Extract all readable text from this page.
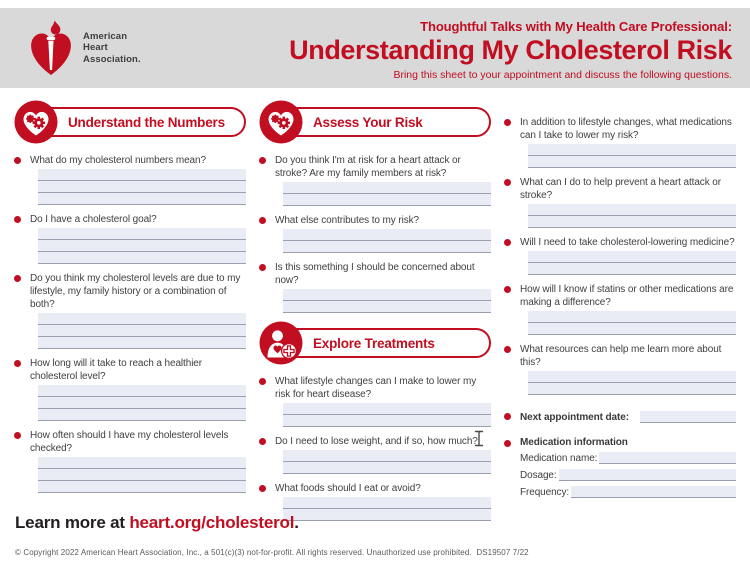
American
Heart
Association.
Thoughtful Talks with My Health Care Professional:
Understanding My Cholesterol Risk
Bring this sheet to your appointment and discuss the following questions.
Understand the Numbers
What do my cholesterol numbers mean?
Do I have a cholesterol goal?
Do you think my cholesterol levels are due to my lifestyle, my family history or a combination of both?
How long will it take to reach a healthier cholesterol level?
How often should I have my cholesterol levels checked?
Assess Your Risk
Do you think I'm at risk for a heart attack or stroke? Are my family members at risk?
What else contributes to my risk?
Is this something I should be concerned about now?
Explore Treatments
What lifestyle changes can I make to lower my risk for heart disease?
Do I need to lose weight, and if so, how much?
What foods should I eat or avoid?
In addition to lifestyle changes, what medications can I take to lower my risk?
What can I do to help prevent a heart attack or stroke?
Will I need to take cholesterol-lowering medicine?
How will I know if statins or other medications are making a difference?
What resources can help me learn more about this?
Next appointment date:
Medication information
Medication name:
Dosage:
Frequency:
Learn more at heart.org/cholesterol.
© Copyright 2022 American Heart Association, Inc., a 501(c)(3) not-for-profit. All rights reserved. Unauthorized use prohibited.  DS19507 7/22
